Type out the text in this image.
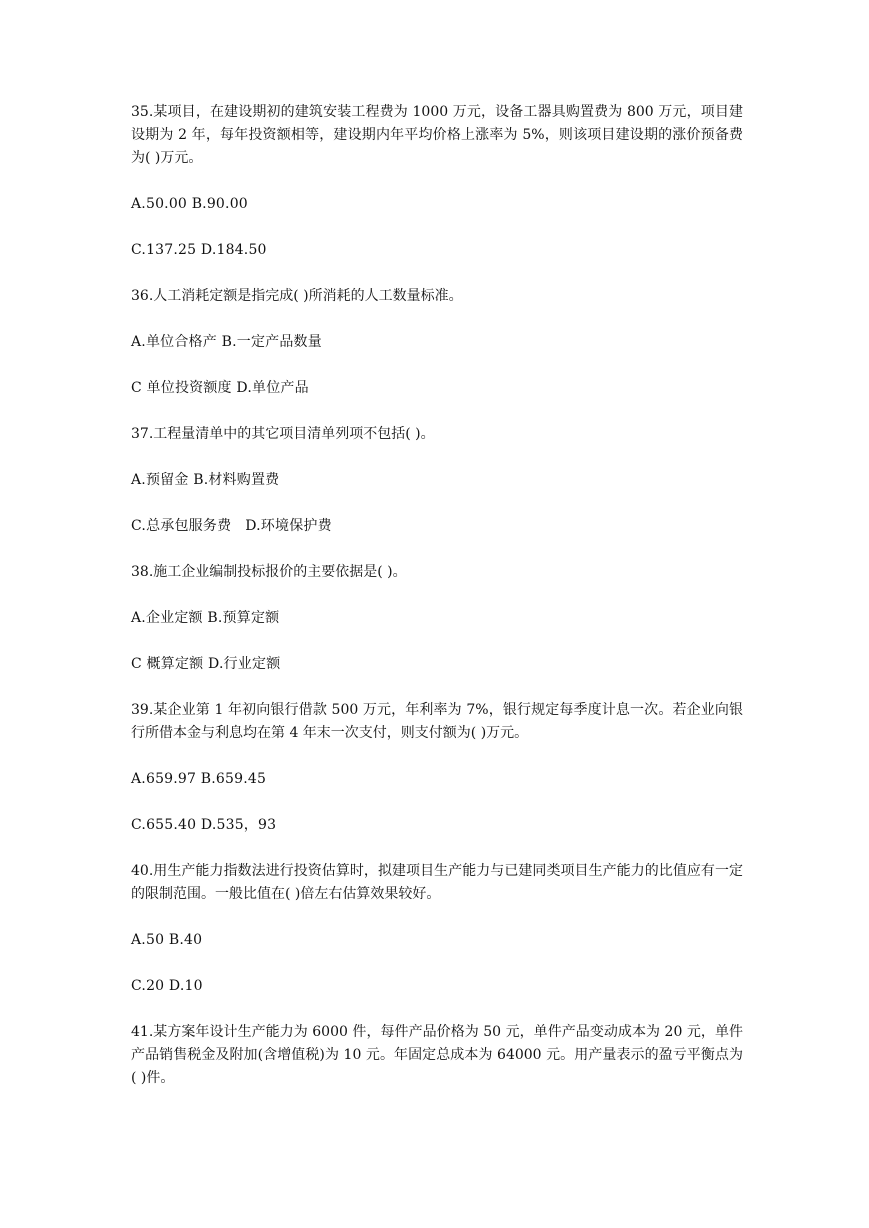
35.某项目，在建设期初的建筑安装工程费为 1000 万元，设备工器具购置费为 800 万元，项目建设期为 2 年，每年投资额相等，建设期内年平均价格上涨率为 5%，则该项目建设期的涨价预备费为( )万元。

A.50.00 B.90.00

C.137.25 D.184.50

36.人工消耗定额是指完成( )所消耗的人工数量标准。

A.单位合格产 B.一定产品数量

C 单位投资额度 D.单位产品

37.工程量清单中的其它项目清单列项不包括( )。

A.预留金 B.材料购置费

C.总承包服务费   D.环境保护费

38.施工企业编制投标报价的主要依据是( )。

A.企业定额 B.预算定额

C 概算定额 D.行业定额

39.某企业第 1 年初向银行借款 500 万元，年利率为 7%，银行规定每季度计息一次。若企业向银行所借本金与利息均在第 4 年末一次支付，则支付额为( )万元。

A.659.97 B.659.45

C.655.40 D.535，93

40.用生产能力指数法进行投资估算时，拟建项目生产能力与已建同类项目生产能力的比值应有一定的限制范围。一般比值在( )倍左右估算效果较好。

A.50 B.40

C.20 D.10

41.某方案年设计生产能力为 6000 件，每件产品价格为 50 元，单件产品变动成本为 20 元，单件产品销售税金及附加(含增值税)为 10 元。年固定总成本为 64000 元。用产量表示的盈亏平衡点为( )件。
